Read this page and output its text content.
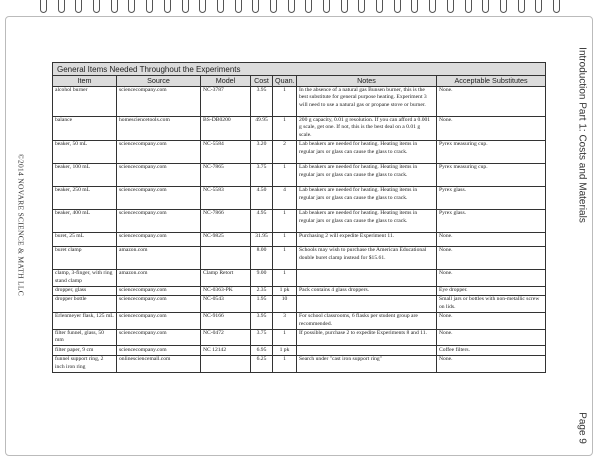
©2014 NOVARE SCIENCE & MATH LLC
Introduction Part 1: Costs and Materials
Page 9
General Items Needed Throughout the Experiments						
Item	Source	Model	Cost	Quan.	Notes	Acceptable Substitutes
alcohol burner	sciencecompany.com	NC-3787	3.95	1	In the absence of a natural gas Bunsen burner, this is the best substitute for general purpose heating. Experiment 3 will need to use a natural gas or propane stove or burner.	None.
balance	homesciencetools.com	BS-DB0200	49.95	1	200 g capacity, 0.01 g resolution. If you can afford a 0.001 g scale, get one. If not, this is the best deal on a 0.01 g scale.	None.
beaker, 50 mL	sciencecompany.com	NC-5584	3.20	2	Lab beakers are needed for heating. Heating items in regular jars or glass can cause the glass to crack.	Pyrex measuring cup.
beaker, 100 mL	sciencecompany.com	NC-7865	3.75	1	Lab beakers are needed for heating. Heating items in regular jars or glass can cause the glass to crack.	Pyrex measuring cup.
beaker, 250 mL	sciencecompany.com	NC-5583	4.50	4	Lab beakers are needed for heating. Heating items in regular jars or glass can cause the glass to crack.	Pyrex glass.
beaker, 400 mL	sciencecompany.com	NC-7866	4.95	1	Lab beakers are needed for heating. Heating items in regular jars or glass can cause the glass to crack.	Pyrex glass.
buret, 25 mL	sciencecompany.com	NC-9825	31.95	1	Purchasing 2 will expedite Experiment 11.	None.
buret clamp	amazon.com		8.00	1	Schools may wish to purchase the American Educational double buret clamp instead for $15.61.	None.
clamp, 3-finger, with ring stand clamp	amazon.com	Clamp Retort	9.00	1		None.
dropper, glass	sciencecompany.com	NC-0363-PK	2.35	1 pk	Pack contains 4 glass droppers.	Eye dropper.
dropper bottle	sciencecompany.com	NC-0543	1.95	10		Small jars or bottles with non-metallic screw on lids.
Erlenmeyer flask, 125 mL	sciencecompany.com	NC-9166	3.95	3	For school classrooms, 6 flasks per student group are recommended.	None.
filter funnel, glass, 50 mm	sciencecompany.com	NC-0472	3.75	1	If possible, purchase 2 to expedite Experiments 8 and 11.	None.
filter paper, 9 cm	sciencecompany.com	NC 12142	6.95	1 pk		Coffee filters.
funnel support ring, 2 inch iron ring	onlinesciencemall.com		6.25	1	Search under "cast iron support ring"	None.
